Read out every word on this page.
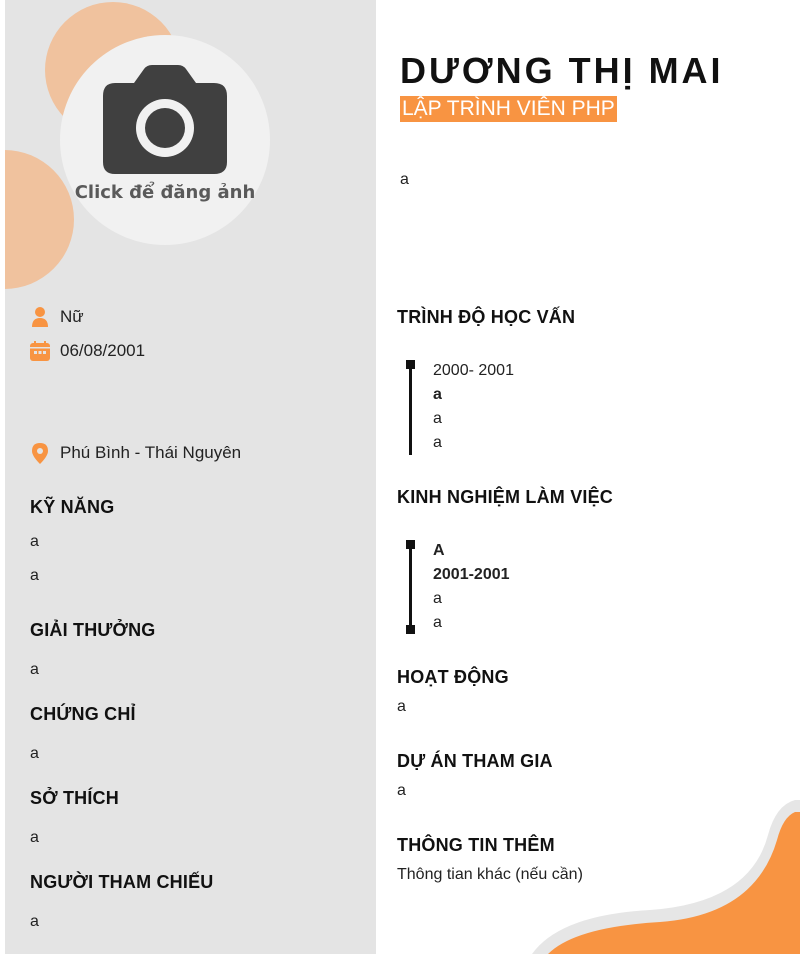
Click để đăng ảnh
Nữ
06/08/2001
Phú Bình - Thái Nguyên
KỸ NĂNG
a
a
GIẢI THƯỞNG
a
CHỨNG CHỈ
a
SỞ THÍCH
a
NGƯỜI THAM CHIẾU
a
DƯƠNG THỊ MAI
LẬP TRÌNH VIÊN PHP
a
TRÌNH ĐỘ HỌC VẤN
2000- 2001
a
a
a
KINH NGHIỆM LÀM VIỆC
A
2001-2001
a
a
HOẠT ĐỘNG
a
DỰ ÁN THAM GIA
a
THÔNG TIN THÊM
Thông tian khác (nếu cần)
